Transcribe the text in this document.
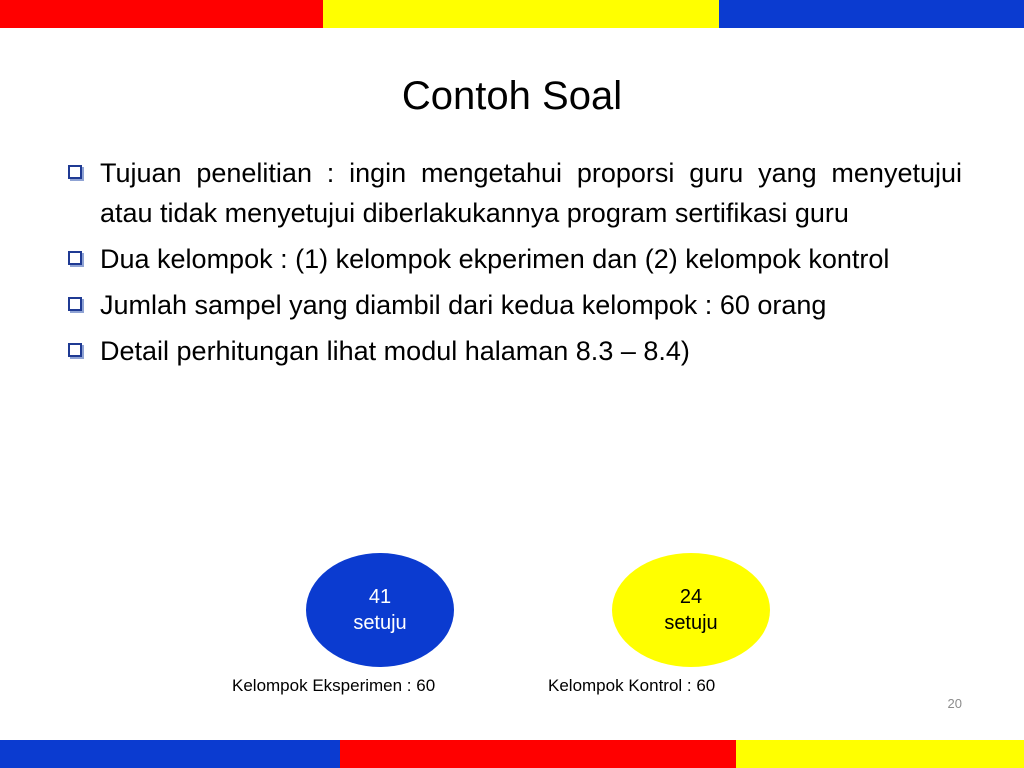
Contoh Soal
Tujuan penelitian : ingin mengetahui proporsi guru yang menyetujui atau tidak menyetujui diberlakukannya program sertifikasi guru
Dua kelompok : (1) kelompok ekperimen dan (2) kelompok kontrol
Jumlah sampel yang diambil dari kedua kelompok : 60 orang
Detail perhitungan lihat modul halaman 8.3 – 8.4)
41
setuju
Kelompok Eksperimen : 60
24
setuju
Kelompok Kontrol : 60
20
